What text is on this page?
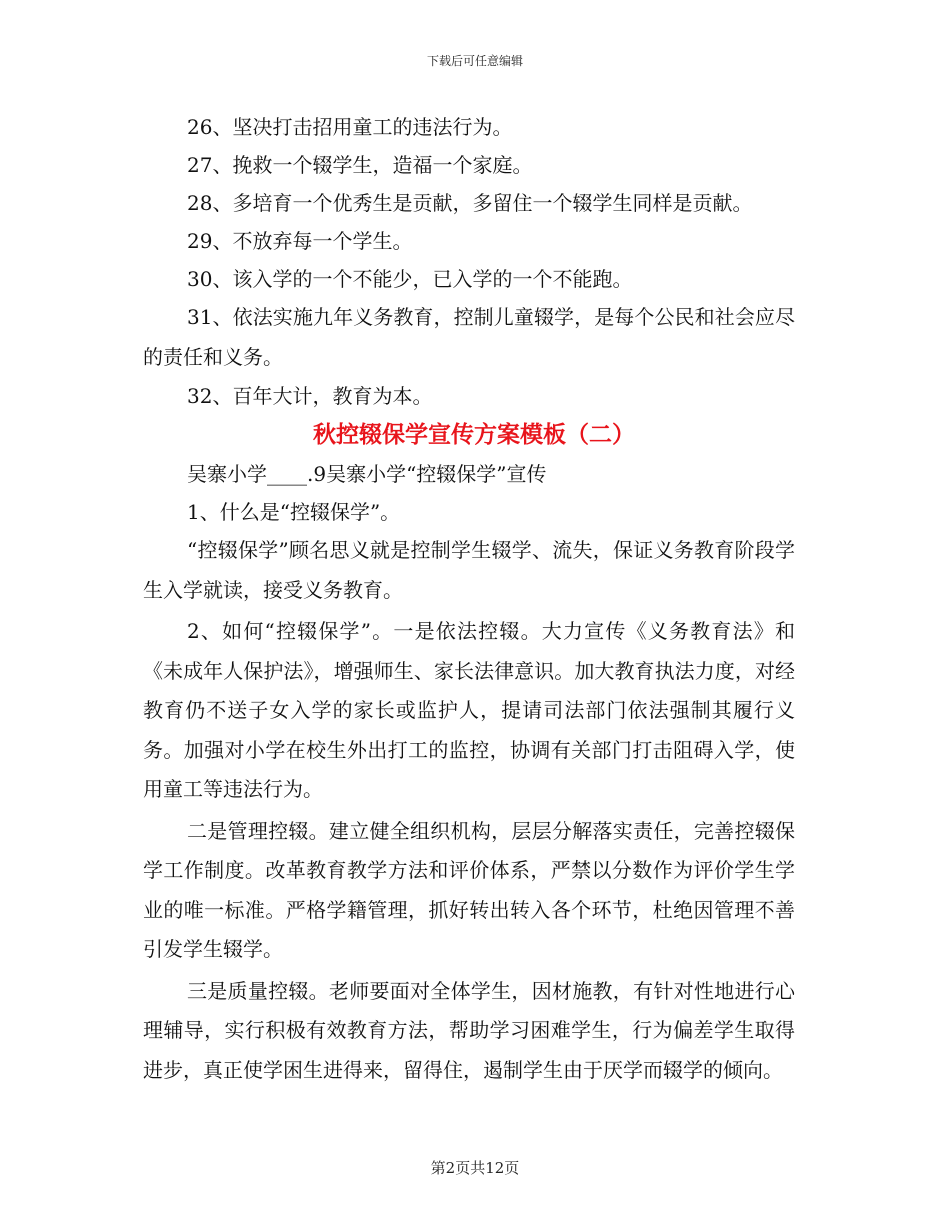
下载后可任意编辑
26、坚决打击招用童工的违法行为。
27、挽救一个辍学生，造福一个家庭。
28、多培育一个优秀生是贡献，多留住一个辍学生同样是贡献。
29、不放弃每一个学生。
30、该入学的一个不能少，已入学的一个不能跑。
31、依法实施九年义务教育，控制儿童辍学，是每个公民和社会应尽的责任和义务。
32、百年大计，教育为本。
秋控辍保学宣传方案模板（二）
吴寨小学____.9吴寨小学“控辍保学”宣传
1、什么是“控辍保学”。
“控辍保学”顾名思义就是控制学生辍学、流失，保证义务教育阶段学生入学就读，接受义务教育。
2、如何“控辍保学”。一是依法控辍。大力宣传《义务教育法》和《未成年人保护法》，增强师生、家长法律意识。加大教育执法力度，对经教育仍不送子女入学的家长或监护人，提请司法部门依法强制其履行义务。加强对小学在校生外出打工的监控，协调有关部门打击阻碍入学，使用童工等违法行为。
二是管理控辍。建立健全组织机构，层层分解落实责任，完善控辍保学工作制度。改革教育教学方法和评价体系，严禁以分数作为评价学生学业的唯一标准。严格学籍管理，抓好转出转入各个环节，杜绝因管理不善引发学生辍学。
三是质量控辍。老师要面对全体学生，因材施教，有针对性地进行心理辅导，实行积极有效教育方法，帮助学习困难学生，行为偏差学生取得进步，真正使学困生进得来，留得住，遏制学生由于厌学而辍学的倾向。
第2页共12页
